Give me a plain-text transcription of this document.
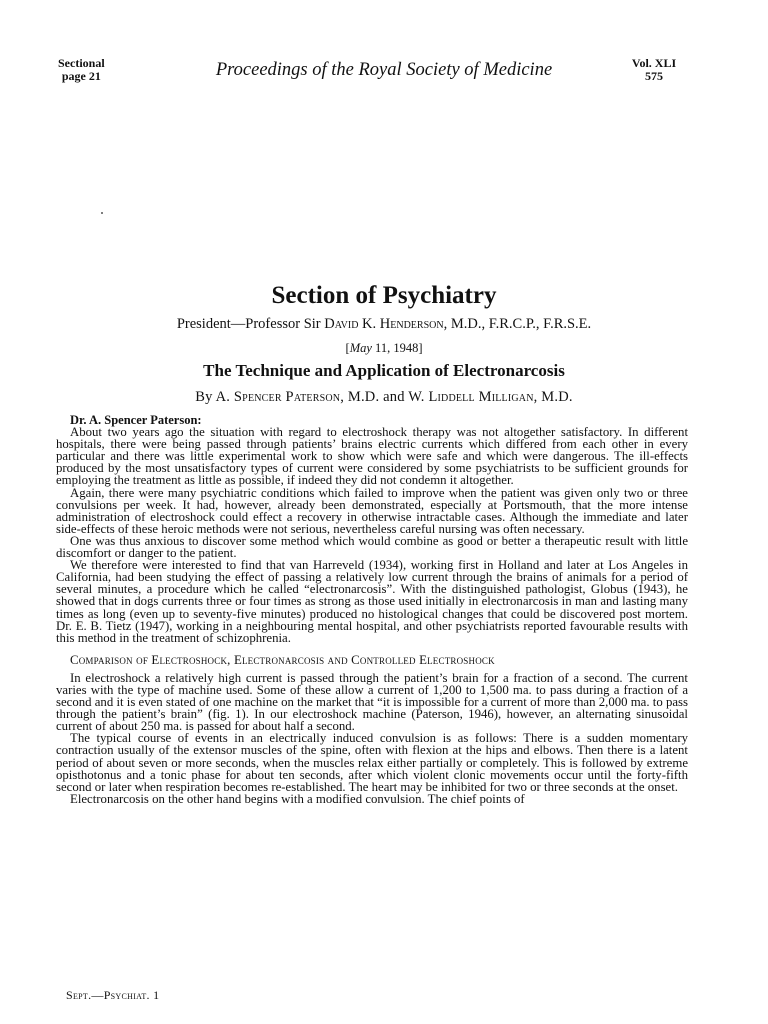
Sectional
page 21	Proceedings of the Royal Society of Medicine	Vol. XLI
575
Section of Psychiatry
President—Professor Sir David K. Henderson, M.D., F.R.C.P., F.R.S.E.
[May 11, 1948]
The Technique and Application of Electronarcosis
By A. Spencer Paterson, M.D. and W. Liddell Milligan, M.D.
Dr. A. Spencer Paterson:

About two years ago the situation with regard to electroshock therapy was not altogether satisfactory. In different hospitals, there were being passed through patients’ brains electric currents which differed from each other in every particular and there was little experimental work to show which were safe and which were dangerous. The ill-effects produced by the most unsatisfactory types of current were considered by some psychiatrists to be sufficient grounds for employing the treatment as little as possible, if indeed they did not condemn it altogether.

Again, there were many psychiatric conditions which failed to improve when the patient was given only two or three convulsions per week. It had, however, already been demonstrated, especially at Portsmouth, that the more intense administration of electroshock could effect a recovery in otherwise intractable cases. Although the immediate and later side-effects of these heroic methods were not serious, nevertheless careful nursing was often necessary.

One was thus anxious to discover some method which would combine as good or better a therapeutic result with little discomfort or danger to the patient.

We therefore were interested to find that van Harreveld (1934), working first in Holland and later at Los Angeles in California, had been studying the effect of passing a relatively low current through the brains of animals for a period of several minutes, a procedure which he called “electronarcosis”. With the distinguished pathologist, Globus (1943), he showed that in dogs currents three or four times as strong as those used initially in electronarcosis in man and lasting many times as long (even up to seventy-five minutes) produced no histological changes that could be discovered post mortem. Dr. E. B. Tietz (1947), working in a neighbouring mental hospital, and other psychiatrists reported favourable results with this method in the treatment of schizophrenia.

Comparison of Electroshock, Electronarcosis and Controlled Electroshock

In electroshock a relatively high current is passed through the patient’s brain for a fraction of a second. The current varies with the type of machine used. Some of these allow a current of 1,200 to 1,500 ma. to pass during a fraction of a second and it is even stated of one machine on the market that “it is impossible for a current of more than 2,000 ma. to pass through the patient’s brain” (fig. 1). In our electroshock machine (Paterson, 1946), however, an alternating sinusoidal current of about 250 ma. is passed for about half a second.

The typical course of events in an electrically induced convulsion is as follows: There is a sudden momentary contraction usually of the extensor muscles of the spine, often with flexion at the hips and elbows. Then there is a latent period of about seven or more seconds, when the muscles relax either partially or completely. This is followed by extreme opisthotonus and a tonic phase for about ten seconds, after which violent clonic movements occur until the forty-fifth second or later when respiration becomes re-established. The heart may be inhibited for two or three seconds at the onset.

Electronarcosis on the other hand begins with a modified convulsion. The chief points of

Sept.—Psychiat. 1
